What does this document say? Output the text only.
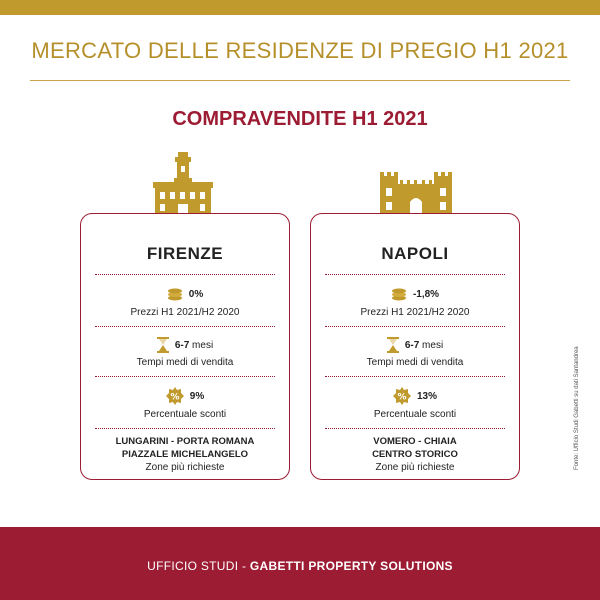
MERCATO DELLE RESIDENZE DI PREGIO H1 2021
COMPRAVENDITE H1 2021
FIRENZE
0%
Prezzi H1 2021/H2 2020
6-7 mesi
Tempi medi di vendita
% 9%
Percentuale sconti
LUNGARINI - PORTA ROMANA
PIAZZALE MICHELANGELO
Zone più richieste
NAPOLI
-1,8%
Prezzi H1 2021/H2 2020
6-7 mesi
Tempi medi di vendita
% 13%
Percentuale sconti
VOMERO - CHIAIA
CENTRO STORICO
Zone più richieste	Fonte: Ufficio Studi Gabetti su dati Santandrea
UFFICIO STUDI - GABETTI PROPERTY SOLUTIONS
